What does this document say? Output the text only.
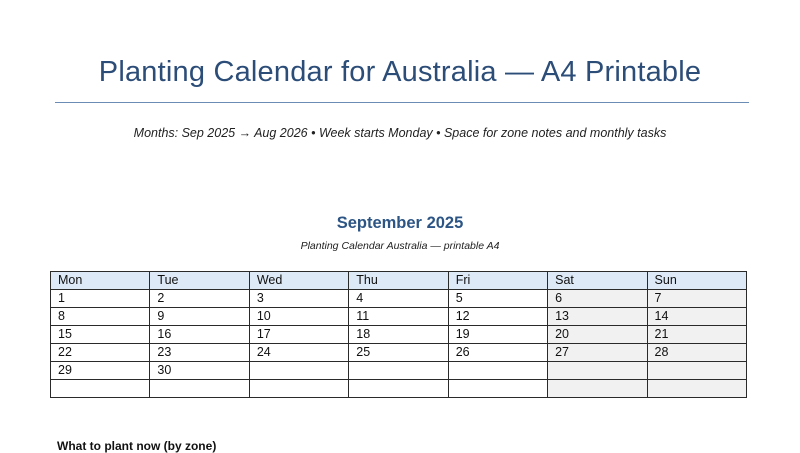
Planting Calendar for Australia — A4 Printable
Months: Sep 2025 → Aug 2026 • Week starts Monday • Space for zone notes and monthly tasks
September 2025
Planting Calendar Australia — printable A4
Mon	Tue	Wed	Thu	Fri	Sat	Sun
1	2	3	4	5	6	7
8	9	10	11	12	13	14
15	16	17	18	19	20	21
22	23	24	25	26	27	28
29	30					

What to plant now (by zone)
